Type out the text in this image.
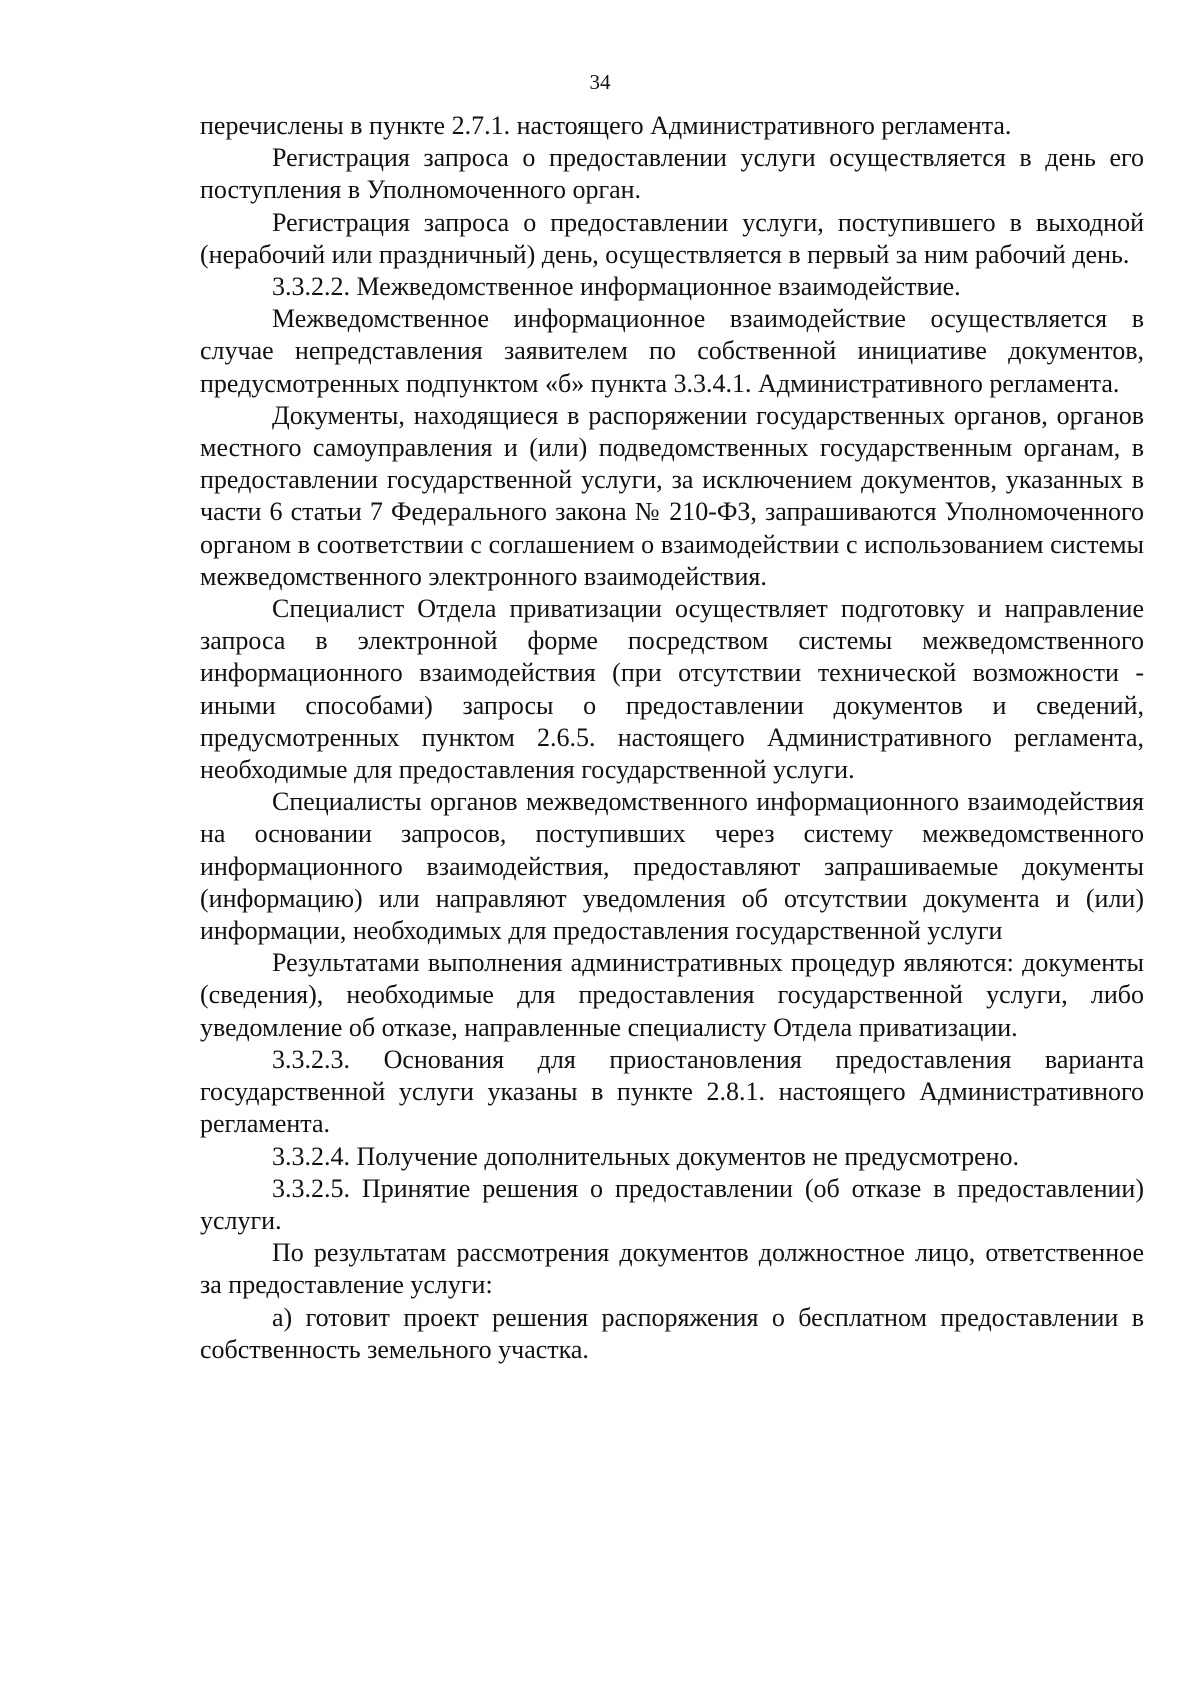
34

перечислены в пункте 2.7.1. настоящего Административного регламента.

Регистрация запроса о предоставлении услуги осуществляется в день его поступления в Уполномоченного орган.

Регистрация запроса о предоставлении услуги, поступившего в выходной (нерабочий или праздничный) день, осуществляется в первый за ним рабочий день.

3.3.2.2. Межведомственное информационное взаимодействие.

Межведомственное информационное взаимодействие осуществляется в случае непредставления заявителем по собственной инициативе документов, предусмотренных подпунктом «б» пункта 3.3.4.1. Административного регламента.

Документы, находящиеся в распоряжении государственных органов, органов местного самоуправления и (или) подведомственных государственным органам, в предоставлении государственной услуги, за исключением документов, указанных в части 6 статьи 7 Федерального закона № 210-ФЗ, запрашиваются Уполномоченного органом в соответствии с соглашением о взаимодействии с использованием системы межведомственного электронного взаимодействия.

Специалист Отдела приватизации осуществляет подготовку и направление запроса в электронной форме посредством системы межведомственного информационного взаимодействия (при отсутствии технической возможности - иными способами) запросы о предоставлении документов и сведений, предусмотренных пунктом 2.6.5. настоящего Административного регламента, необходимые для предоставления государственной услуги.

Специалисты органов межведомственного информационного взаимодействия на основании запросов, поступивших через систему межведомственного информационного взаимодействия, предоставляют запрашиваемые документы (информацию) или направляют уведомления об отсутствии документа и (или) информации, необходимых для предоставления государственной услуги

Результатами выполнения административных процедур являются: документы (сведения), необходимые для предоставления государственной услуги, либо уведомление об отказе, направленные специалисту Отдела приватизации.

3.3.2.3. Основания для приостановления предоставления варианта государственной услуги указаны в пункте 2.8.1. настоящего Административного регламента.

3.3.2.4. Получение дополнительных документов не предусмотрено.

3.3.2.5. Принятие решения о предоставлении (об отказе в предоставлении) услуги.

По результатам рассмотрения документов должностное лицо, ответственное за предоставление услуги:

а) готовит проект решения распоряжения о бесплатном предоставлении в собственность земельного участка.
